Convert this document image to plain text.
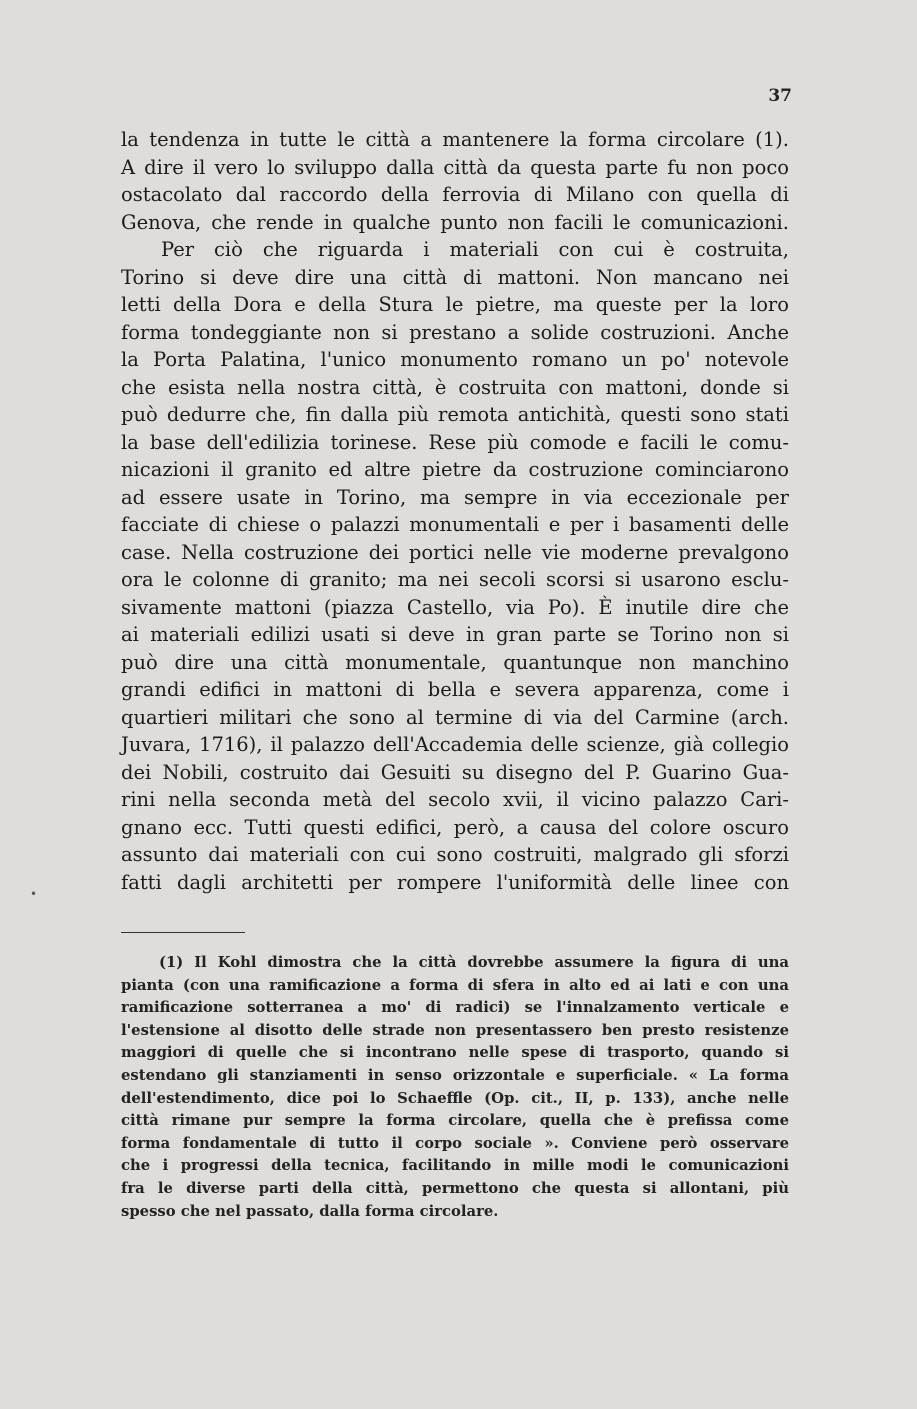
37
la tendenza in tutte le città a mantenere la forma circolare (1).
A dire il vero lo sviluppo dalla città da questa parte fu non poco
ostacolato dal raccordo della ferrovia di Milano con quella di
Genova, che rende in qualche punto non facili le comunicazioni.
Per ciò che riguarda i materiali con cui è costruita,
Torino si deve dire una città di mattoni. Non mancano nei
letti della Dora e della Stura le pietre, ma queste per la loro
forma tondeggiante non si prestano a solide costruzioni. Anche
la Porta Palatina, l'unico monumento romano un po' notevole
che esista nella nostra città, è costruita con mattoni, donde si
può dedurre che, fin dalla più remota antichità, questi sono stati
la base dell'edilizia torinese. Rese più comode e facili le comu-
nicazioni il granito ed altre pietre da costruzione cominciarono
ad essere usate in Torino, ma sempre in via eccezionale per
facciate di chiese o palazzi monumentali e per i basamenti delle
case. Nella costruzione dei portici nelle vie moderne prevalgono
ora le colonne di granito; ma nei secoli scorsi si usarono esclu-
sivamente mattoni (piazza Castello, via Po). È inutile dire che
ai materiali edilizi usati si deve in gran parte se Torino non si
può dire una città monumentale, quantunque non manchino
grandi edifici in mattoni di bella e severa apparenza, come i
quartieri militari che sono al termine di via del Carmine (arch.
Juvara, 1716), il palazzo dell'Accademia delle scienze, già collegio
dei Nobili, costruito dai Gesuiti su disegno del P. Guarino Gua-
rini nella seconda metà del secolo xvii, il vicino palazzo Cari-
gnano ecc. Tutti questi edifici, però, a causa del colore oscuro
assunto dai materiali con cui sono costruiti, malgrado gli sforzi
fatti dagli architetti per rompere l'uniformità delle linee con
•
(1) Il Kohl dimostra che la città dovrebbe assumere la figura di una
pianta (con una ramificazione a forma di sfera in alto ed ai lati e con una
ramificazione sotterranea a mo' di radici) se l'innalzamento verticale e
l'estensione al disotto delle strade non presentassero ben presto resistenze
maggiori di quelle che si incontrano nelle spese di trasporto, quando si
estendano gli stanziamenti in senso orizzontale e superficiale. « La forma
dell'estendimento, dice poi lo Schaeffle (Op. cit., II, p. 133), anche nelle
città rimane pur sempre la forma circolare, quella che è prefissa come
forma fondamentale di tutto il corpo sociale ». Conviene però osservare
che i progressi della tecnica, facilitando in mille modi le comunicazioni
fra le diverse parti della città, permettono che questa si allontani, più
spesso che nel passato, dalla forma circolare.
